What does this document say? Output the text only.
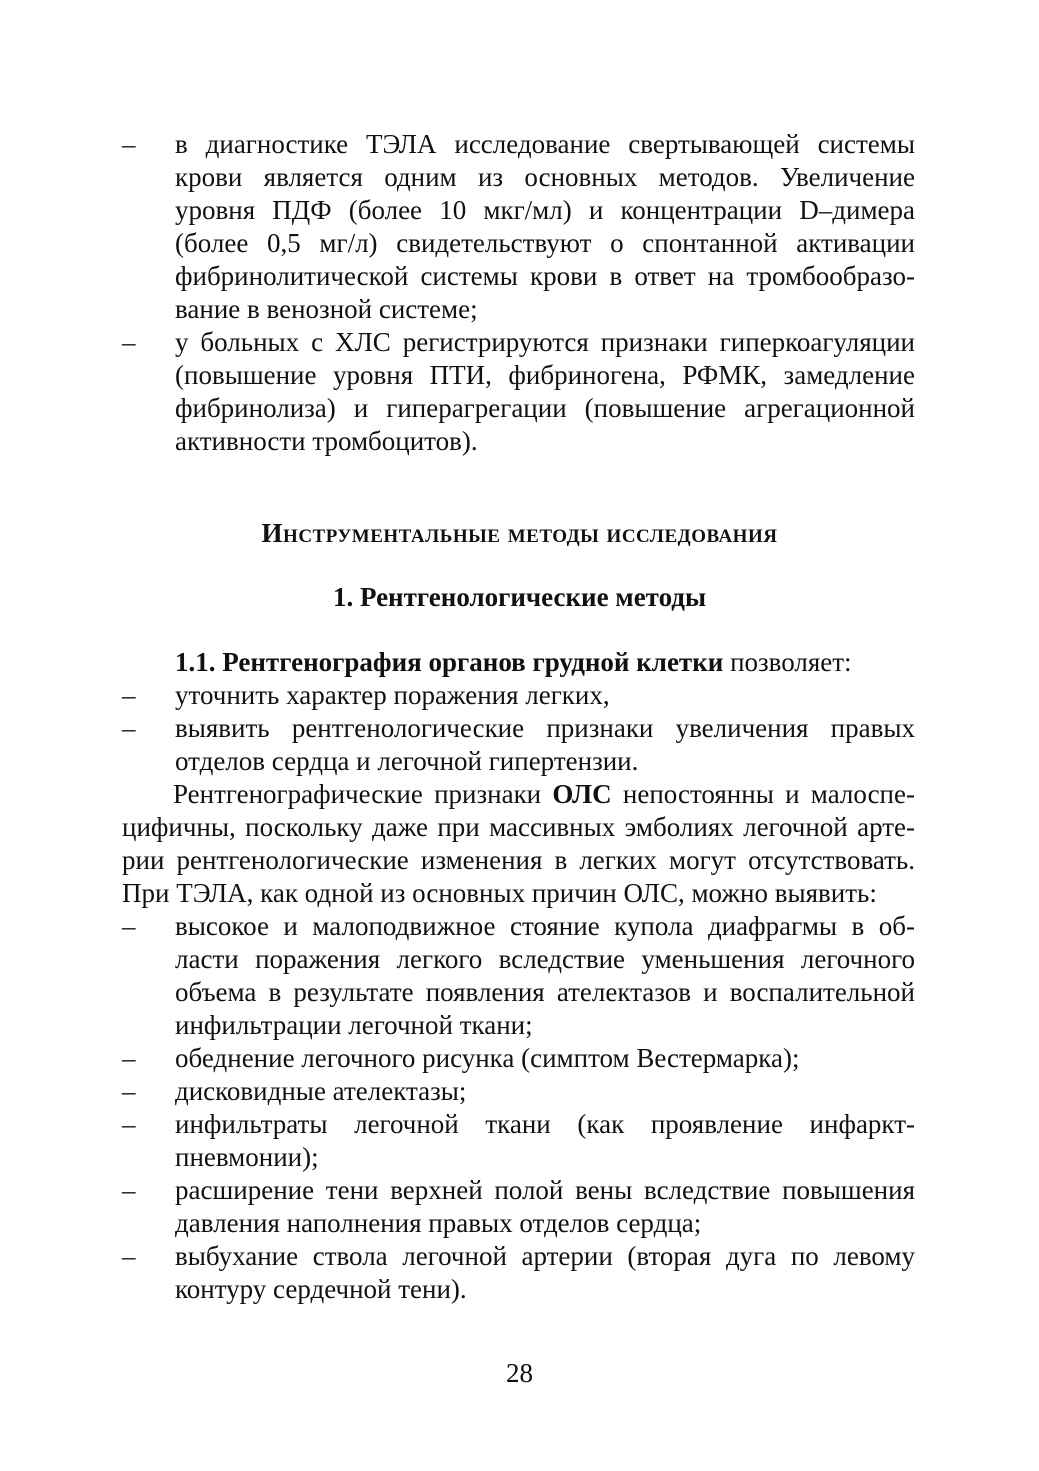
– в диагностике ТЭЛА исследование свертывающей системы
крови является одним из основных методов. Увеличение
уровня ПДФ (более 10 мкг/мл) и концентрации D–димера
(более 0,5 мг/л) свидетельствуют о спонтанной активации
фибринолитической системы крови в ответ на тромбообразо-
вание в венозной системе;
– у больных с ХЛС регистрируются признаки гиперкоагуляции
(повышение уровня ПТИ, фибриногена, РФМК, замедление
фибринолиза) и гиперагрегации (повышение агрегационной
активности тромбоцитов).
Инструментальные методы исследования
1. Рентгенологические методы
1.1. Рентгенография органов грудной клетки позволяет:
– уточнить характер поражения легких,
– выявить рентгенологические признаки увеличения правых
отделов сердца и легочной гипертензии.
Рентгенографические признаки ОЛС непостоянны и малоспе-
цифичны, поскольку даже при массивных эмболиях легочной арте-
рии рентгенологические изменения в легких могут отсутствовать.
При ТЭЛА, как одной из основных причин ОЛС, можно выявить:
– высокое и малоподвижное стояние купола диафрагмы в об-
ласти поражения легкого вследствие уменьшения легочного
объема в результате появления ателектазов и воспалительной
инфильтрации легочной ткани;
– обеднение легочного рисунка (симптом Вестермарка);
– дисковидные ателектазы;
– инфильтраты легочной ткани (как проявление инфаркт-
пневмонии);
– расширение тени верхней полой вены вследствие повышения
давления наполнения правых отделов сердца;
– выбухание ствола легочной артерии (вторая дуга по левому
контуру сердечной тени).
28
